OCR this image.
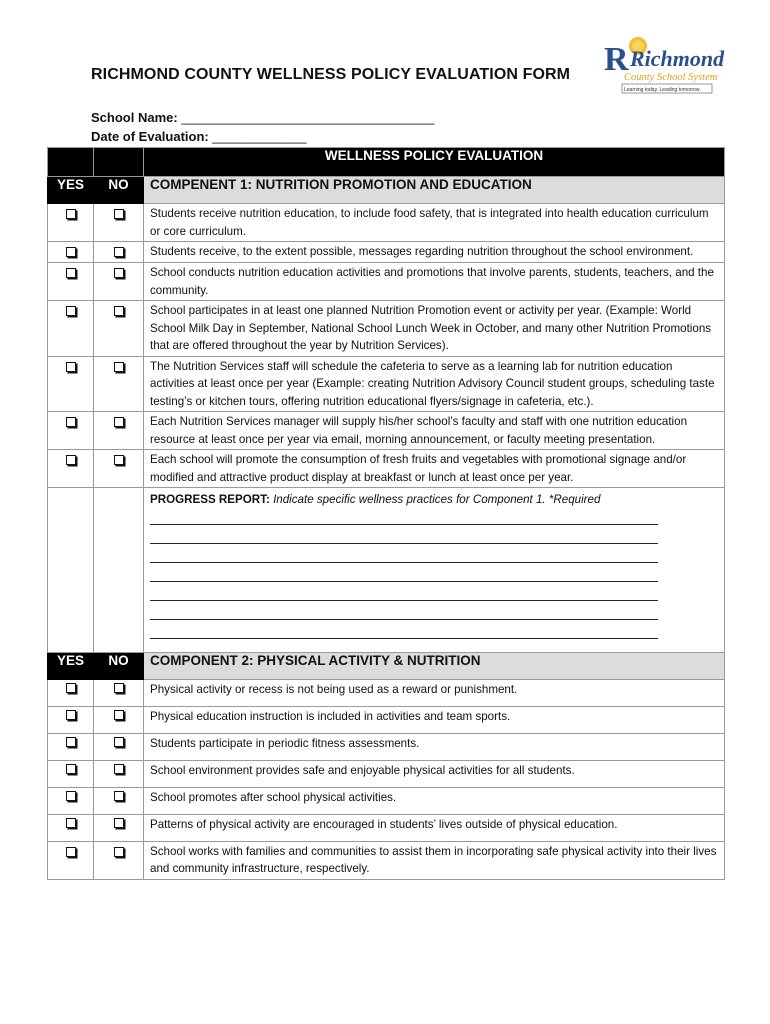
RICHMOND COUNTY WELLNESS POLICY EVALUATION FORM R Richmond
County School System
Learning today. Leading tomorrow.
School Name: ___________________________________
Date of Evaluation: _____________
		WELLNESS POLICY EVALUATION
YES	NO	COMPENENT 1: NUTRITION PROMOTION AND EDUCATION
		Students receive nutrition education, to include food safety, that is integrated into health education curriculum or core curriculum.
		Students receive, to the extent possible, messages regarding nutrition throughout the school environment.
		School conducts nutrition education activities and promotions that involve parents, students, teachers, and the community.
		School participates in at least one planned Nutrition Promotion event or activity per year. (Example: World School Milk Day in September, National School Lunch Week in October, and many other Nutrition Promotions that are offered throughout the year by Nutrition Services).
		The Nutrition Services staff will schedule the cafeteria to serve as a learning lab for nutrition education activities at least once per year (Example: creating Nutrition Advisory Council student groups, scheduling taste testing’s or kitchen tours, offering nutrition educational flyers/signage in cafeteria, etc.).
		Each Nutrition Services manager will supply his/her school’s faculty and staff with one nutrition education resource at least once per year via email, morning announcement, or faculty meeting presentation.
		Each school will promote the consumption of fresh fruits and vegetables with promotional signage and/or modified and attractive product display at breakfast or lunch at least once per year.
		PROGRESS REPORT: Indicate specific wellness practices for Component 1. *Required

YES	NO	COMPONENT 2: PHYSICAL ACTIVITY & NUTRITION
		Physical activity or recess is not being used as a reward or punishment.
		Physical education instruction is included in activities and team sports.
		Students participate in periodic fitness assessments.
		School environment provides safe and enjoyable physical activities for all students.
		School promotes after school physical activities.
		Patterns of physical activity are encouraged in students’ lives outside of physical education.
		School works with families and communities to assist them in incorporating safe physical activity into their lives and community infrastructure, respectively.
